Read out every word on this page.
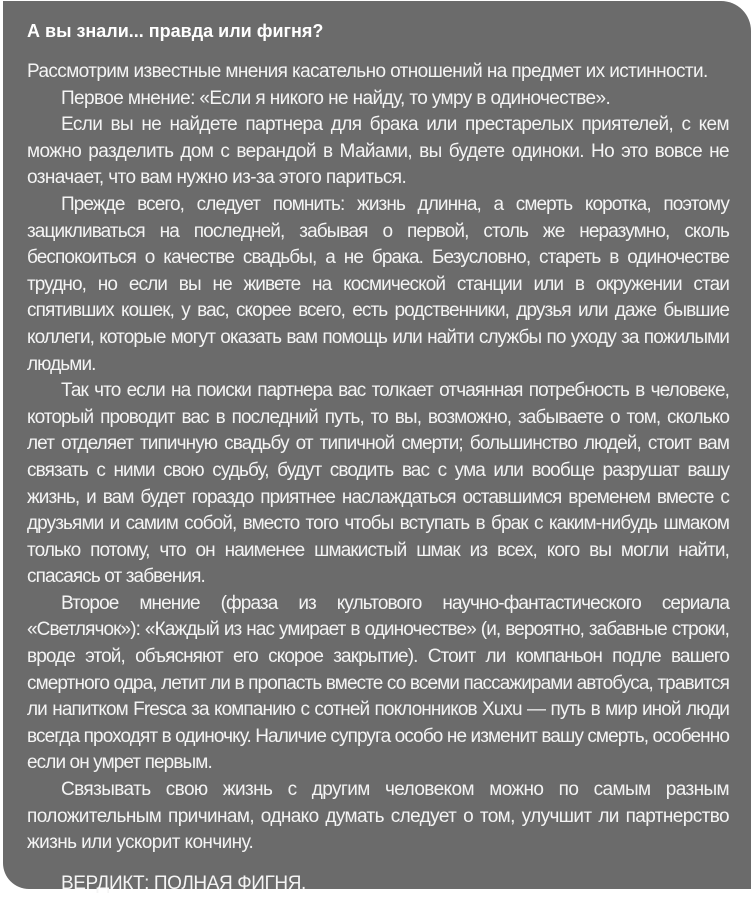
А вы знали... правда или фигня?

Рассмотрим известные мнения касательно отношений на предмет их истинности.

Первое мнение: «Если я никого не найду, то умру в одиночестве».

Если вы не найдете партнера для брака или престарелых приятелей, с кем можно разделить дом с верандой в Майами, вы будете одиноки. Но это вовсе не означает, что вам нужно из-за этого париться.

Прежде всего, следует помнить: жизнь длинна, а смерть коротка, поэтому зацикливаться на последней, забывая о первой, столь же неразумно, сколь беспокоиться о качестве свадьбы, а не брака. Безусловно, стареть в одиночестве трудно, но если вы не живете на космической станции или в окружении стаи спятивших кошек, у вас, скорее всего, есть родственники, друзья или даже бывшие коллеги, которые могут оказать вам помощь или найти службы по уходу за пожилыми людьми.

Так что если на поиски партнера вас толкает отчаянная потребность в человеке, который проводит вас в последний путь, то вы, возможно, забываете о том, сколько лет отделяет типичную свадьбу от типичной смерти; большинство людей, стоит вам связать с ними свою судьбу, будут сводить вас с ума или вообще разрушат вашу жизнь, и вам будет гораздо приятнее наслаждаться оставшимся временем вместе с друзьями и самим собой, вместо того чтобы вступать в брак с каким-нибудь шмаком только потому, что он наименее шмакистый шмак из всех, кого вы могли найти, спасаясь от забвения.

Второе мнение (фраза из культового научно-фантастического сериала «Светлячок»): «Каждый из нас умирает в одиночестве» (и, вероятно, забавные строки, вроде этой, объясняют его скорое закрытие). Стоит ли компаньон подле вашего смертного одра, летит ли в пропасть вместе со всеми пассажирами автобуса, травится ли напитком Fresca за компанию с сотней поклонников Xuxu — путь в мир иной люди всегда проходят в одиночку. Наличие супруга особо не изменит вашу смерть, особенно если он умрет первым.

Связывать свою жизнь с другим человеком можно по самым разным положительным причинам, однако думать следует о том, улучшит ли партнерство жизнь или ускорит кончину.

ВЕРДИКТ: ПОЛНАЯ ФИГНЯ.
